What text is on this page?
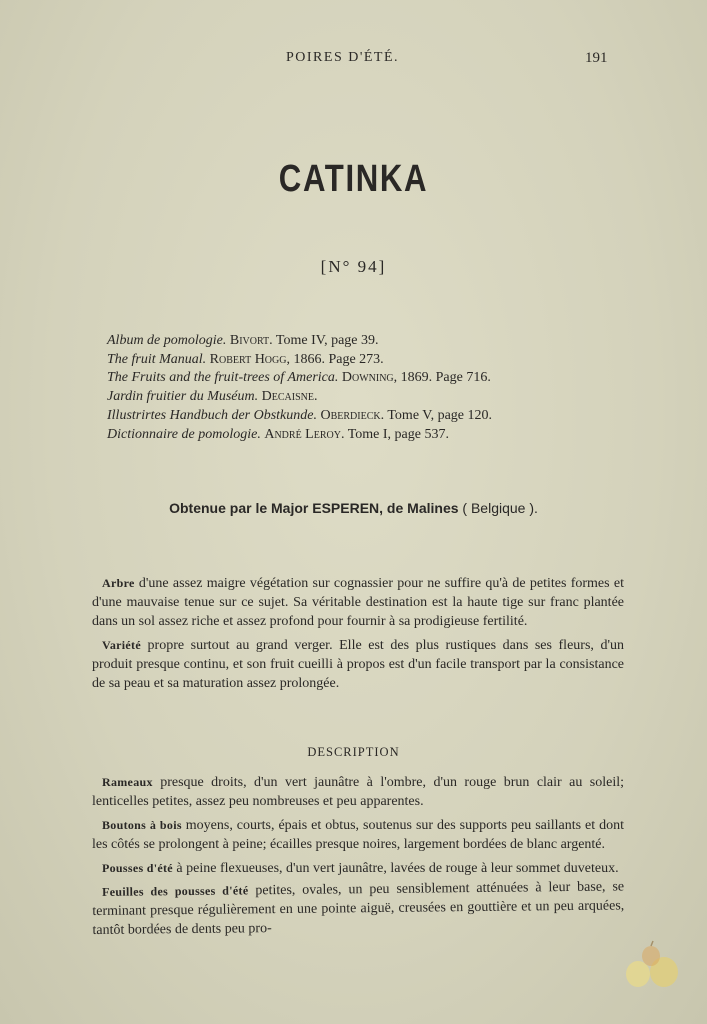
POIRES D'ÉTÉ.	191
CATINKA
[N° 94]
Album de pomologie. Bivort. Tome IV, page 39.
The fruit Manual. Robert Hogg, 1866. Page 273.
The Fruits and the fruit-trees of America. Downing, 1869. Page 716.
Jardin fruitier du Muséum. Decaisne.
Illustrirtes Handbuch der Obstkunde. Oberdieck. Tome V, page 120.
Dictionnaire de pomologie. André Leroy. Tome I, page 537.
Obtenue par le Major ESPEREN, de Malines ( Belgique ).

Arbre d'une assez maigre végétation sur cognassier pour ne suffire qu'à de petites formes et d'une mauvaise tenue sur ce sujet. Sa véritable destination est la haute tige sur franc plantée dans un sol assez riche et assez profond pour fournir à sa prodigieuse fertilité.

Variété propre surtout au grand verger. Elle est des plus rustiques dans ses fleurs, d'un produit presque continu, et son fruit cueilli à propos est d'un facile transport par la consistance de sa peau et sa maturation assez prolongée.

DESCRIPTION

Rameaux presque droits, d'un vert jaunâtre à l'ombre, d'un rouge brun clair au soleil; lenticelles petites, assez peu nombreuses et peu apparentes.

Boutons à bois moyens, courts, épais et obtus, soutenus sur des supports peu saillants et dont les côtés se prolongent à peine; écailles presque noires, largement bordées de blanc argenté.

Pousses d'été à peine flexueuses, d'un vert jaunâtre, lavées de rouge à leur sommet duveteux.

Feuilles des pousses d'été petites, ovales, un peu sensiblement atténuées à leur base, se terminant presque régulièrement en une pointe aiguë, creusées en gouttière et un peu arquées, tantôt bordées de dents peu pro-
